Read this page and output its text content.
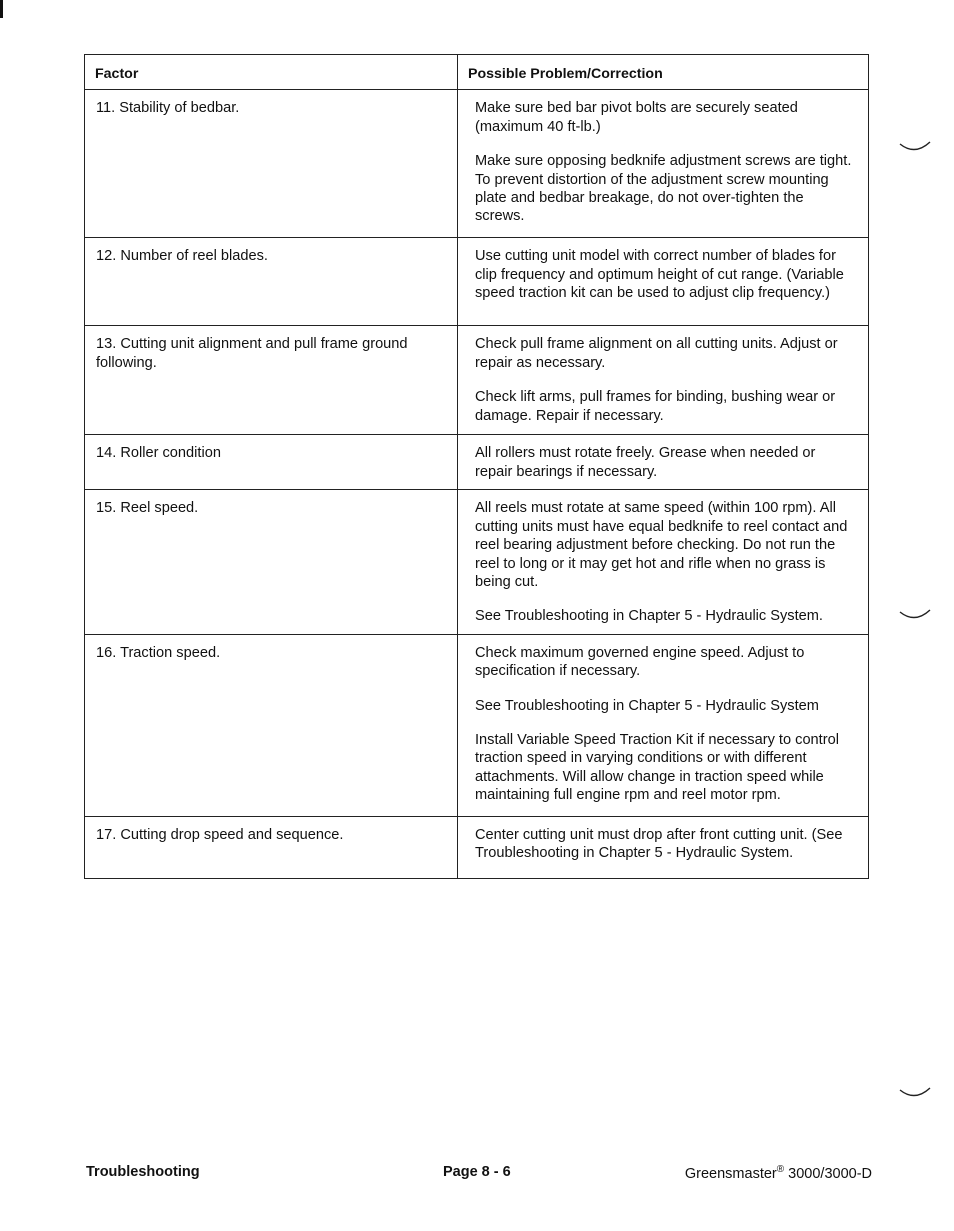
Factor	Possible Problem/Correction
11. Stability of bedbar.	Make sure bed bar pivot bolts are securely seated (maximum 40 ft-lb.)

Make sure opposing bedknife adjustment screws are tight. To prevent distortion of the adjustment screw mounting plate and bedbar breakage, do not over-tighten the screws.

12. Number of reel blades.	Use cutting unit model with correct number of blades for clip frequency and optimum height of cut range. (Variable speed traction kit can be used to adjust clip frequency.)

13. Cutting unit alignment and pull frame ground following.	Check pull frame alignment on all cutting units. Adjust or repair as necessary.

Check lift arms, pull frames for binding, bushing wear or damage. Repair if necessary.

14. Roller condition	All rollers must rotate freely. Grease when needed or repair bearings if necessary.

15. Reel speed.	All reels must rotate at same speed (within 100 rpm). All cutting units must have equal bedknife to reel contact and reel bearing adjustment before checking. Do not run the reel to long or it may get hot and rifle when no grass is being cut.

See Troubleshooting in Chapter 5 - Hydraulic System.

16. Traction speed.	Check maximum governed engine speed. Adjust to specification if necessary.

See Troubleshooting in Chapter 5 - Hydraulic System

Install Variable Speed Traction Kit if necessary to control traction speed in varying conditions or with different attachments. Will allow change in traction speed while maintaining full engine rpm and reel motor rpm.

17. Cutting drop speed and sequence.	Center cutting unit must drop after front cutting unit. (See Troubleshooting in Chapter 5 - Hydraulic System.

Troubleshooting	Page 8 - 6	Greensmaster® 3000/3000-D
